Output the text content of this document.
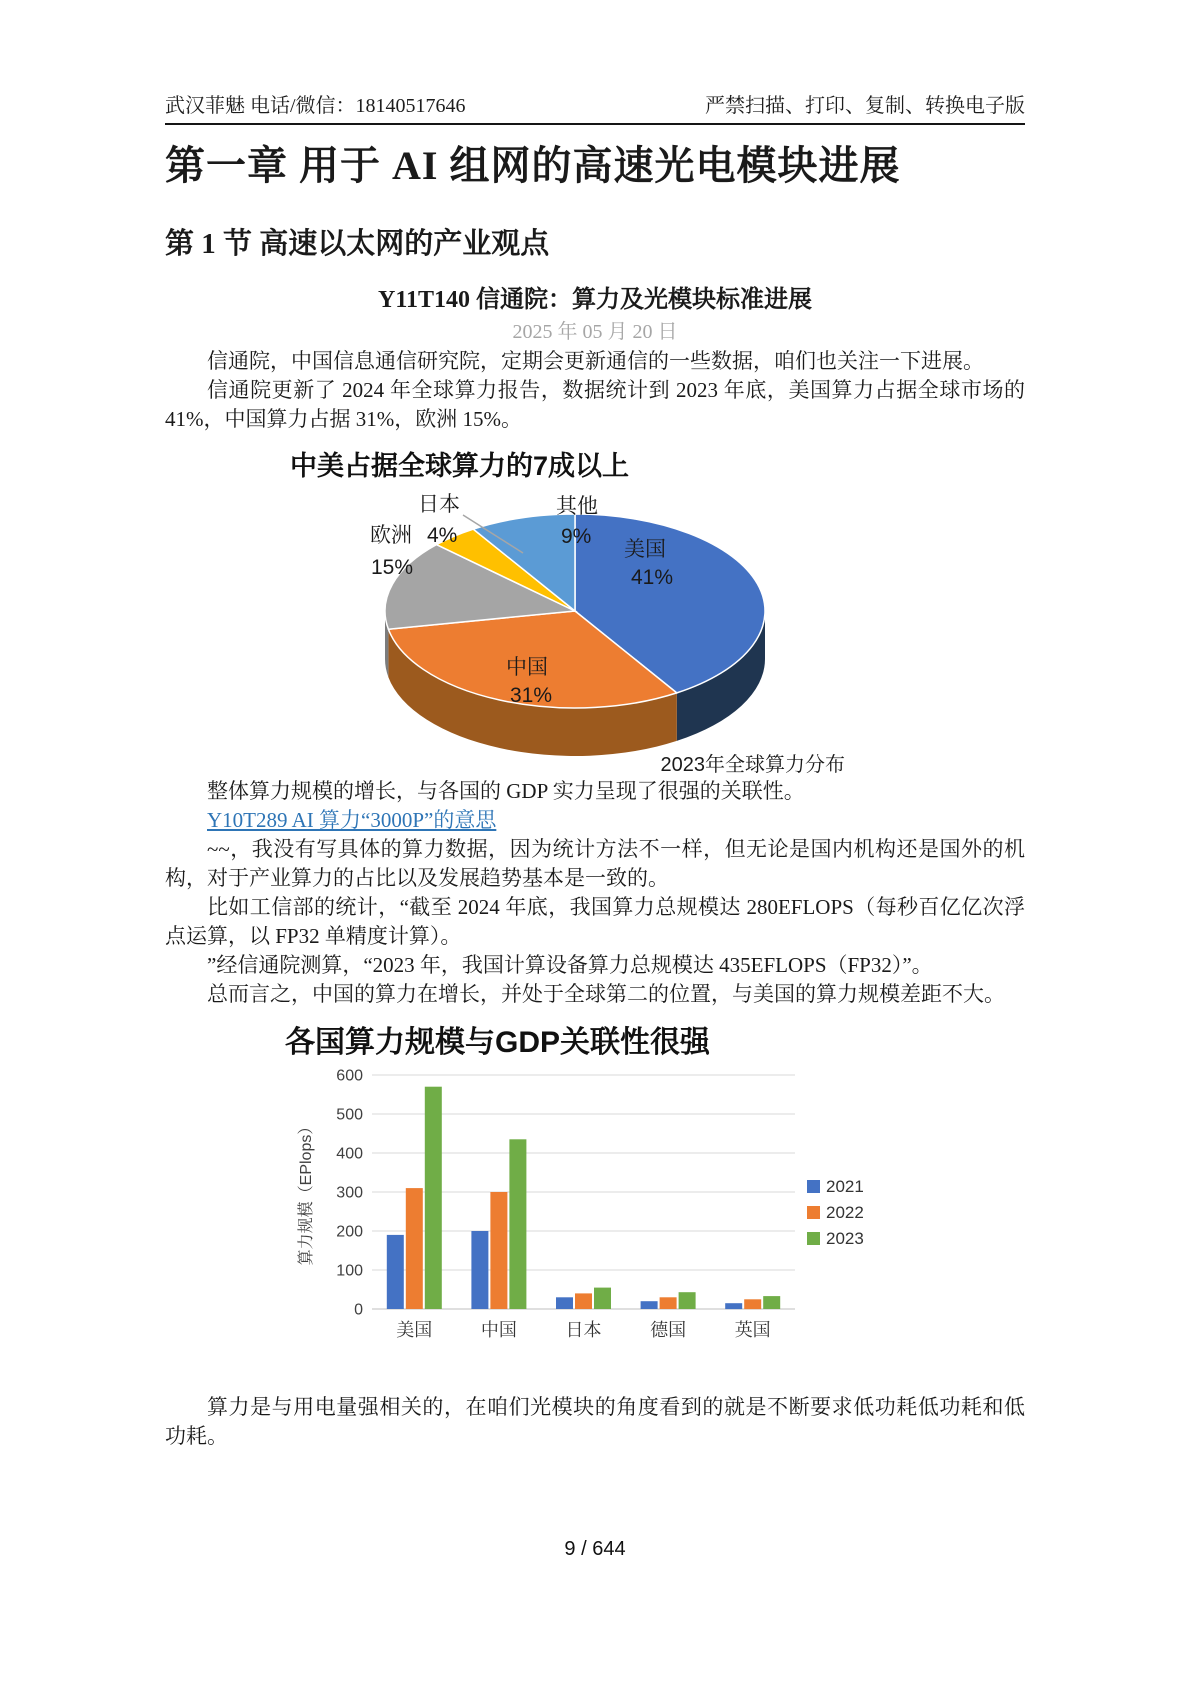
武汉菲魅 电话/微信：18140517646	严禁扫描、打印、复制、转换电子版
第一章 用于 AI 组网的高速光电模块进展
第 1 节 高速以太网的产业观点
Y11T140 信通院：算力及光模块标准进展
2025 年 05 月 20 日

信通院，中国信息通信研究院，定期会更新通信的一些数据，咱们也关注一下进展。

信通院更新了 2024 年全球算力报告，数据统计到 2023 年底，美国算力占据全球市场的 41%，中国算力占据 31%，欧洲 15%。

中美占据全球算力的7成以上
日本	其他
欧洲 4%	9%
15%
美国
41%
中国
31%
2023年全球算力分布

整体算力规模的增长，与各国的 GDP 实力呈现了很强的关联性。

Y10T289 AI 算力“3000P”的意思

~~，我没有写具体的算力数据，因为统计方法不一样，但无论是国内机构还是国外的机构，对于产业算力的占比以及发展趋势基本是一致的。

比如工信部的统计，“截至 2024 年底，我国算力总规模达 280EFLOPS（每秒百亿亿次浮点运算，以 FP32 单精度计算）。

”经信通院测算，“2023 年，我国计算设备算力总规模达 435EFLOPS（FP32）”。

总而言之，中国的算力在增长，并处于全球第二的位置，与美国的算力规模差距不大。

各国算力规模与GDP关联性很强
0
100
200
300
400
500
600
美国	中国	日本	德国	英国
2021
2022
2023
算力规模（EPlops）

算力是与用电量强相关的，在咱们光模块的角度看到的就是不断要求低功耗低功耗和低功耗。

9 / 644
